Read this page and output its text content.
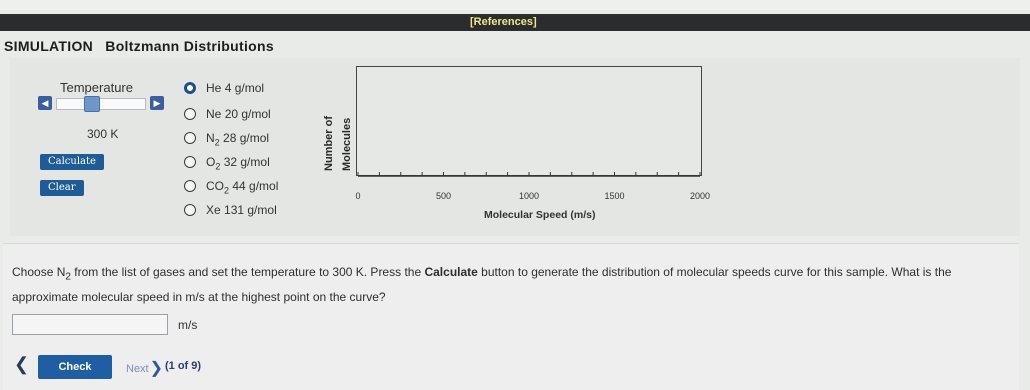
[References]
SIMULATION Boltzmann Distributions
Temperature
◀	▶
300 K
Calculate
Clear
He 4 g/mol
Ne 20 g/mol
$N_2$ 28 g/mol
$O_2$ 32 g/mol
$CO_2$ 44 g/mol
Xe 131 g/mol
Number of Molecules
0	500	1000	1500	2000
Molecular Speed (m/s)
Choose $N_2$ from the list of gases and set the temperature to 300 K. Press the Calculate button to generate the distribution of molecular speeds curve for this sample. What is the approximate molecular speed in m/s at the highest point on the curve?
m/s
❮	Check	Next❯ (1 of 9)
